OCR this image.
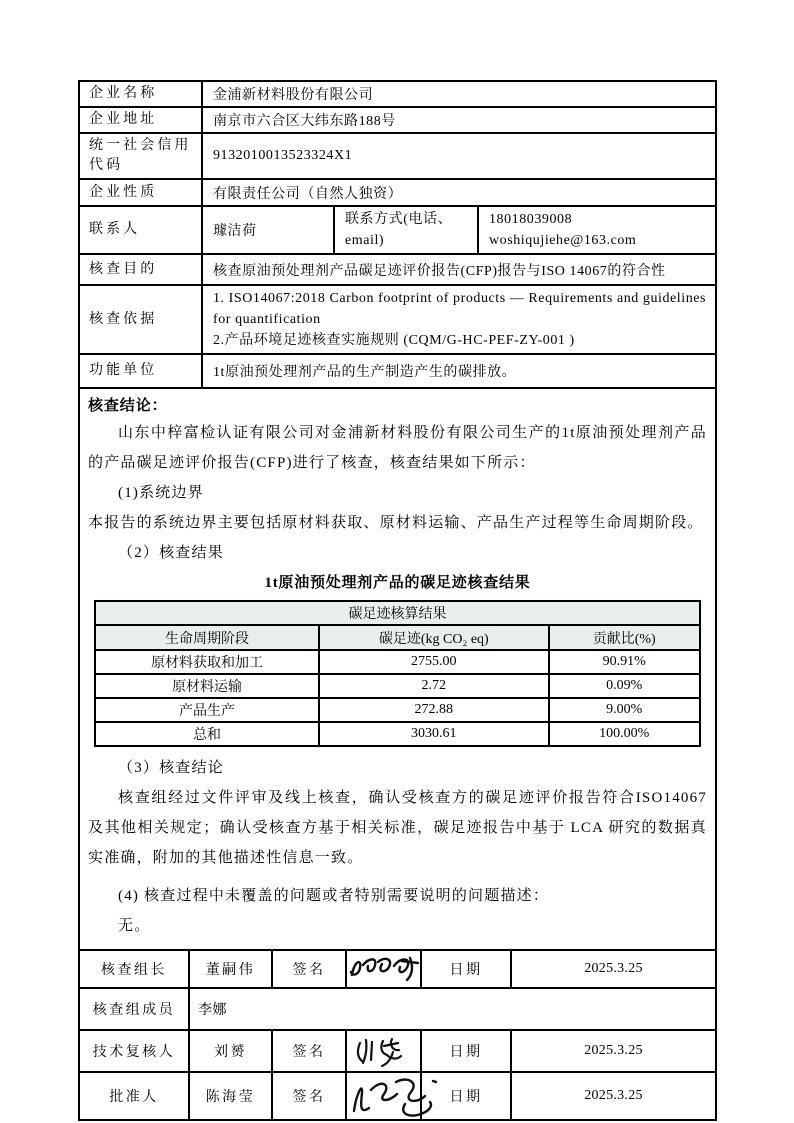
企业名称	金浦新材料股份有限公司		
企业地址	南京市六合区大纬东路188号		
统一社会信用代码	9132010013523324X1		
企业性质	有限责任公司（自然人独资）		
联系人	璩洁荷	联系方式(电话、email)	18018039008
woshiqujiehe@163.com

核查目的	核查原油预处理剂产品碳足迹评价报告(CFP)报告与ISO 14067的符合性		
核查依据	1. ISO14067:2018 Carbon footprint of products — Requirements and guidelines for quantification
2.产品环境足迹核查实施规则 (CQM/G-HC-PEF-ZY-001 )		

功能单位	1t原油预处理剂产品的生产制造产生的碳排放。		
核查结论：

山东中梓富检认证有限公司对金浦新材料股份有限公司生产的1t原油预处理剂产品的产品碳足迹评价报告(CFP)进行了核查，核查结果如下所示：

(1)系统边界

本报告的系统边界主要包括原材料获取、原材料运输、产品生产过程等生命周期阶段。

（2）核查结果

1t原油预处理剂产品的碳足迹核查结果
碳足迹核算结果		
生命周期阶段	碳足迹(kg CO₂ eq)	贡献比(%)
原材料获取和加工	2755.00	90.91%
原材料运输	2.72	0.09%
产品生产	272.88	9.00%
总和	3030.61	100.00%

（3）核查结论

核查组经过文件评审及线上核查，确认受核查方的碳足迹评价报告符合ISO14067及其他相关规定；确认受核查方基于相关标准，碳足迹报告中基于 LCA 研究的数据真实准确，附加的其他描述性信息一致。

(4) 核查过程中未覆盖的问题或者特别需要说明的问题描述：

无。

核查组长	董嗣伟	签名		日期	2025.3.25
核查组成员	李娜				
技术复核人	刘赟	签名		日期	2025.3.25
批准人	陈海莹	签名		日期	2025.3.25
